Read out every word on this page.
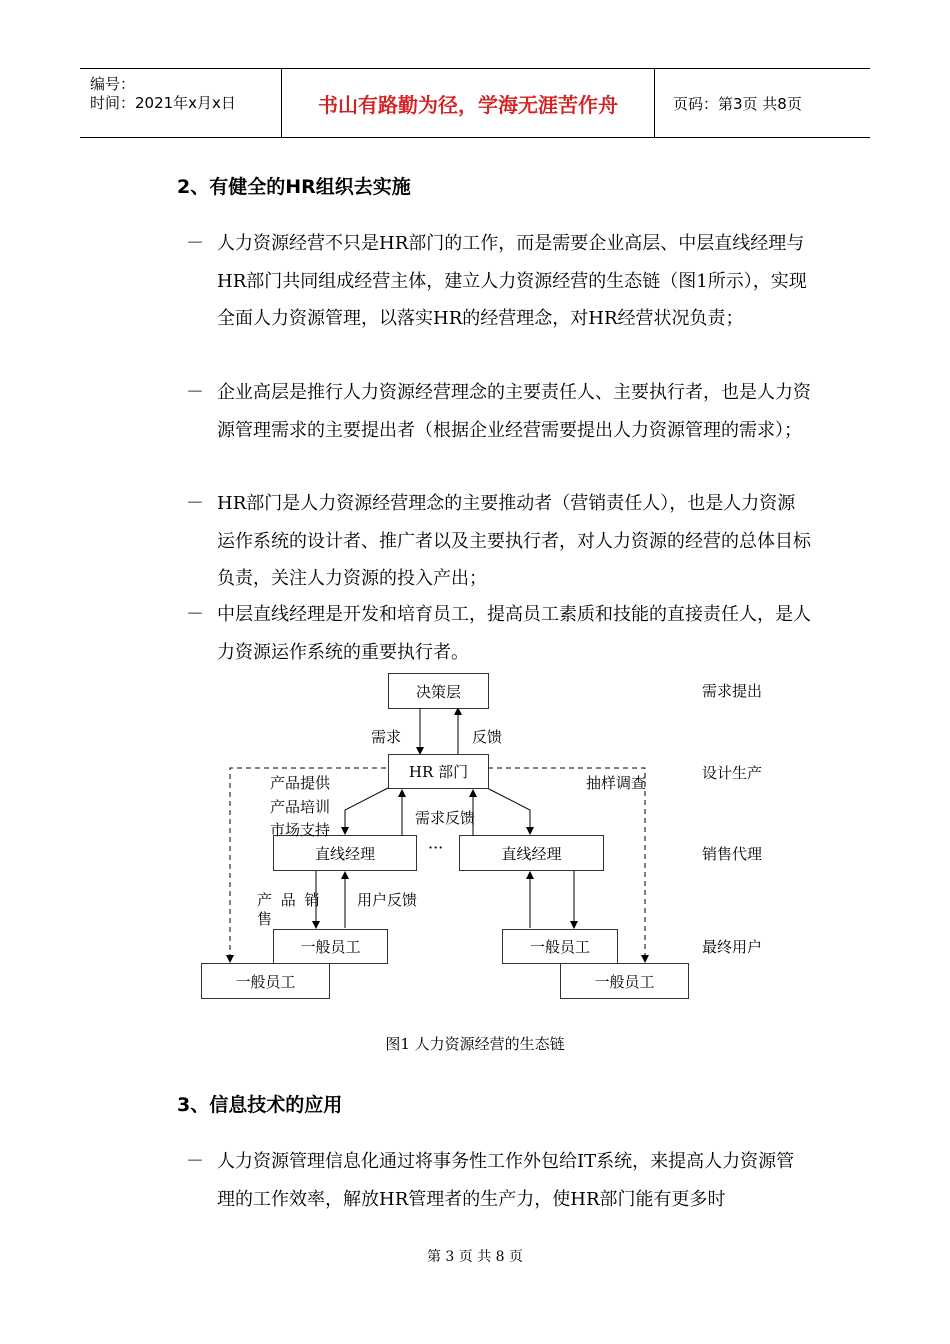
编号：
时间：2021年x月x日	书山有路勤为径，学海无涯苦作舟	页码：第3页 共8页
2、有健全的HR组织去实施
－ 人力资源经营不只是HR部门的工作，而是需要企业高层、中层直线经理与HR部门共同组成经营主体，建立人力资源经营的生态链（图1所示），实现全面人力资源管理，以落实HR的经营理念，对HR经营状况负责；
－ 企业高层是推行人力资源经营理念的主要责任人、主要执行者，也是人力资源管理需求的主要提出者（根据企业经营需要提出人力资源管理的需求）；
－ HR部门是人力资源经营理念的主要推动者（营销责任人），也是人力资源运作系统的设计者、推广者以及主要执行者，对人力资源的经营的总体目标负责，关注人力资源的投入产出；
－ 中层直线经理是开发和培育员工，提高员工素质和技能的直接责任人，是人力资源运作系统的重要执行者。
决策层
HR 部门
直线经理	直线经理
···
一般员工
一般员工
一般员工
一般员工
需求	反馈
产品提供
产品培训
市场支持
需求反馈
抽样调查
产 品 销
售
用户反馈
需求提出
设计生产
销售代理
最终用户
图1 人力资源经营的生态链
3、信息技术的应用
－ 人力资源管理信息化通过将事务性工作外包给IT系统，来提高人力资源管理的工作效率，解放HR管理者的生产力，使HR部门能有更多时
第 3 页 共 8 页
